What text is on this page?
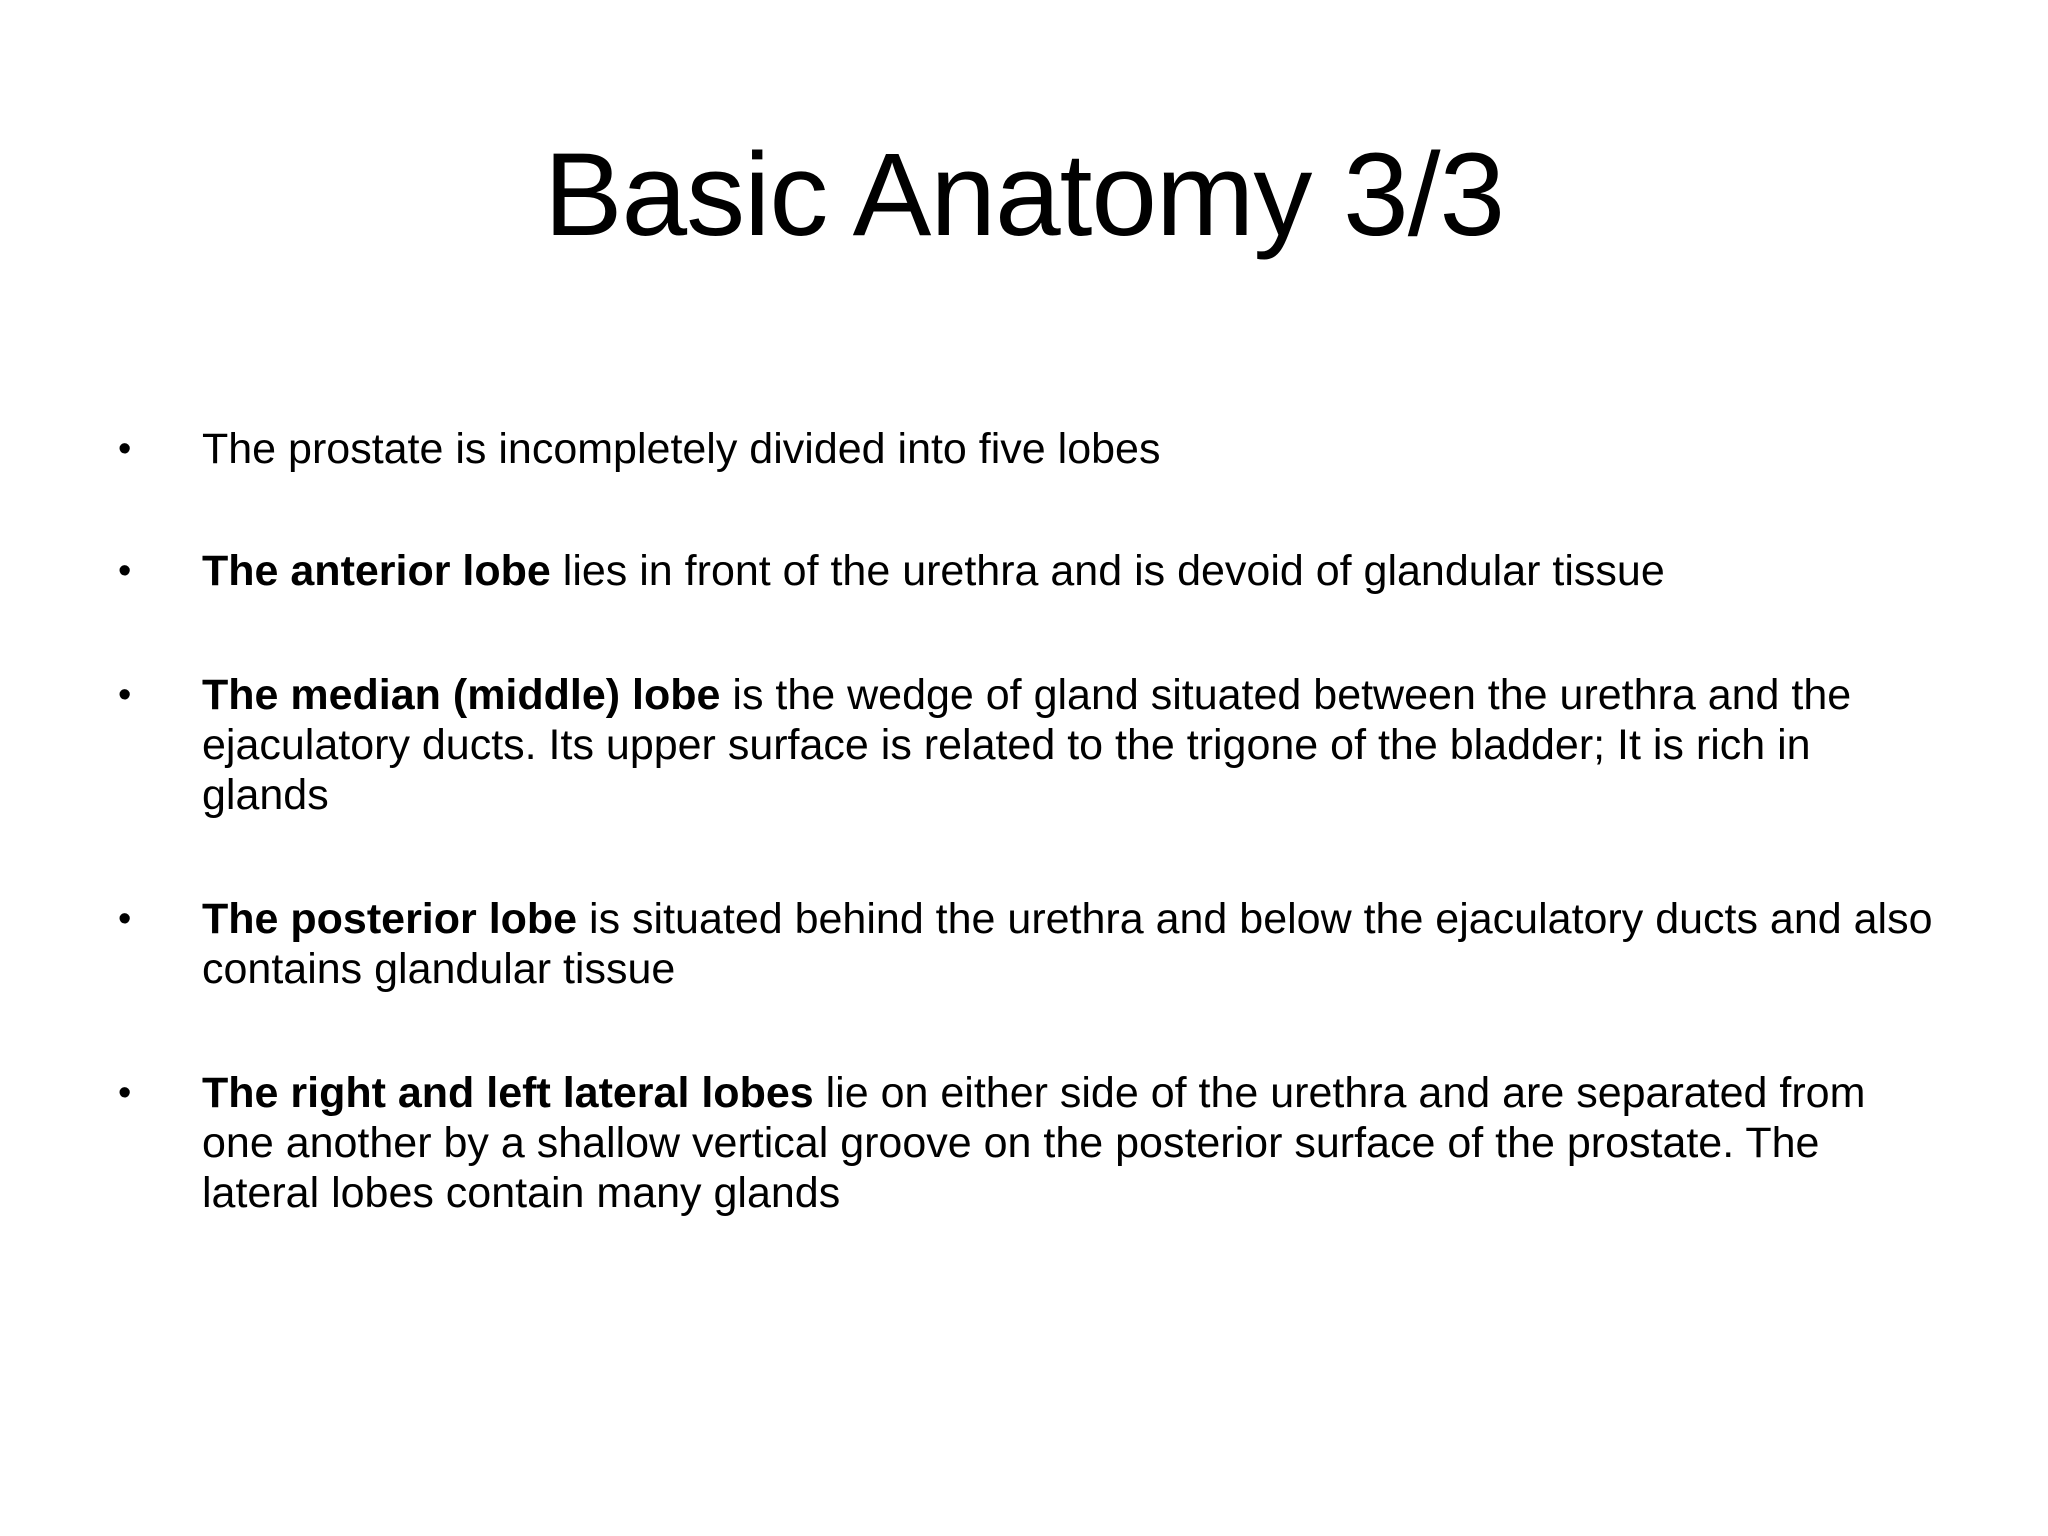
Basic Anatomy 3/3
•	The prostate is incompletely divided into five lobes
•	The anterior lobe lies in front of the urethra and is devoid of glandular tissue
•	The median (middle) lobe is the wedge of gland situated between the urethra and the ejaculatory ducts. Its upper surface is related to the trigone of the bladder; It is rich in glands
•	The posterior lobe is situated behind the urethra and below the ejaculatory ducts and also contains glandular tissue
•	The right and left lateral lobes lie on either side of the urethra and are separated from one another by a shallow vertical groove on the posterior surface of the prostate. The lateral lobes contain many glands
